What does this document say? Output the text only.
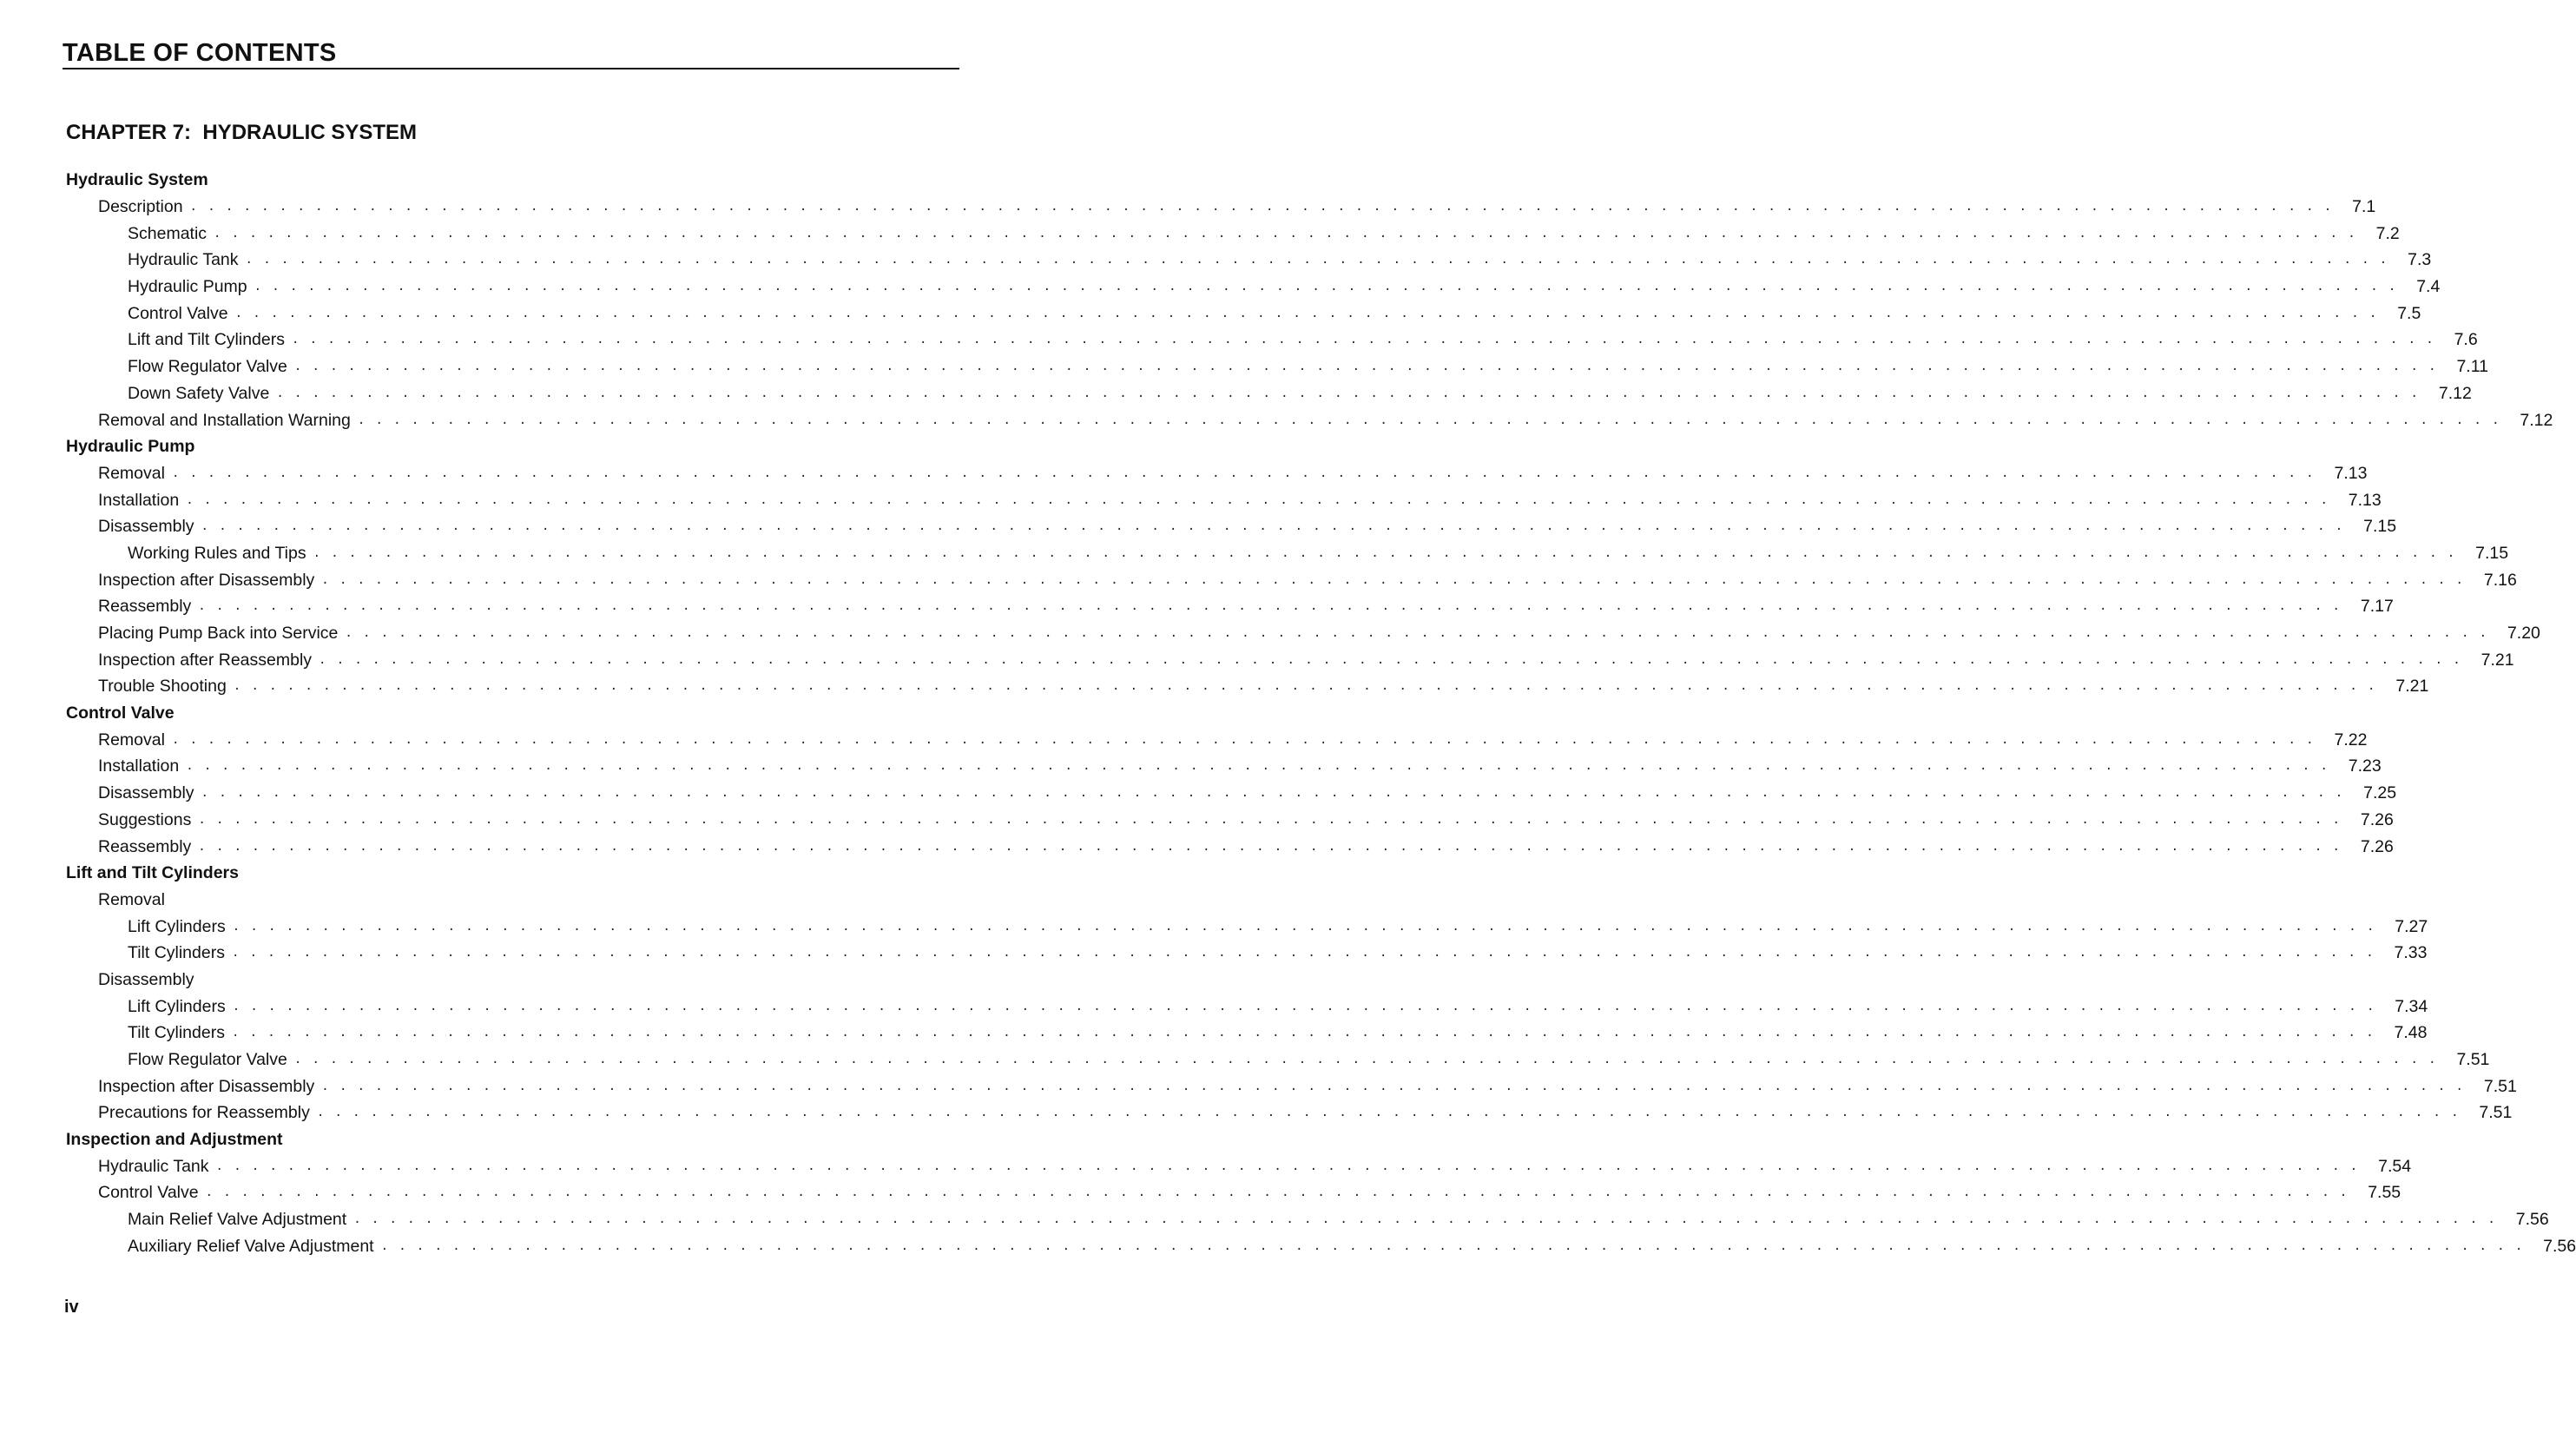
TABLE OF CONTENTS
CHAPTER 7:  HYDRAULIC SYSTEM
Hydraulic System
Description . . . . . . . . . . . . . . . . . . . . . . . . . . . . . . . . . . . . . . . . . . . . . . . . . . . . . . . . . . . . . . . . . . . . . . . . . . . . . . . . . . . . . . . . . . . . . . . . . . . . . . . . . . . . . . . . . . . . . . . . 7.1
Schematic . . . . . . . . . . . . . . . . . . . . . . . . . . . . . . . . . . . . . . . . . . . . . . . . . . . . . . . . . . . . . . . . . . . . . . . . . . . . . . . . . . . . . . . . . . . . . . . . . . . . . . . . . . . . . . . . . . . . . . . . 7.2
Hydraulic Tank . . . . . . . . . . . . . . . . . . . . . . . . . . . . . . . . . . . . . . . . . . . . . . . . . . . . . . . . . . . . . . . . . . . . . . . . . . . . . . . . . . . . . . . . . . . . . . . . . . . . . . . . . . . . . . . . . . . . . . . . 7.3
Hydraulic Pump . . . . . . . . . . . . . . . . . . . . . . . . . . . . . . . . . . . . . . . . . . . . . . . . . . . . . . . . . . . . . . . . . . . . . . . . . . . . . . . . . . . . . . . . . . . . . . . . . . . . . . . . . . . . . . . . . . . . . . . . 7.4
Control Valve . . . . . . . . . . . . . . . . . . . . . . . . . . . . . . . . . . . . . . . . . . . . . . . . . . . . . . . . . . . . . . . . . . . . . . . . . . . . . . . . . . . . . . . . . . . . . . . . . . . . . . . . . . . . . . . . . . . . . . . . 7.5
Lift and Tilt Cylinders . . . . . . . . . . . . . . . . . . . . . . . . . . . . . . . . . . . . . . . . . . . . . . . . . . . . . . . . . . . . . . . . . . . . . . . . . . . . . . . . . . . . . . . . . . . . . . . . . . . . . . . . . . . . . . . . . . . . . . . . 7.6
Flow Regulator Valve . . . . . . . . . . . . . . . . . . . . . . . . . . . . . . . . . . . . . . . . . . . . . . . . . . . . . . . . . . . . . . . . . . . . . . . . . . . . . . . . . . . . . . . . . . . . . . . . . . . . . . . . . . . . . . . . . . . . . . . . 7.11
Down Safety Valve . . . . . . . . . . . . . . . . . . . . . . . . . . . . . . . . . . . . . . . . . . . . . . . . . . . . . . . . . . . . . . . . . . . . . . . . . . . . . . . . . . . . . . . . . . . . . . . . . . . . . . . . . . . . . . . . . . . . . . . . 7.12
Removal and Installation Warning . . . . . . . . . . . . . . . . . . . . . . . . . . . . . . . . . . . . . . . . . . . . . . . . . . . . . . . . . . . . . . . . . . . . . . . . . . . . . . . . . . . . . . . . . . . . . . . . . . . . . . . . . . . . . . . . . . . . . . . . 7.12
Hydraulic Pump
Removal . . . . . . . . . . . . . . . . . . . . . . . . . . . . . . . . . . . . . . . . . . . . . . . . . . . . . . . . . . . . . . . . . . . . . . . . . . . . . . . . . . . . . . . . . . . . . . . . . . . . . . . . . . . . . . . . . . . . . . . . 7.13
Installation . . . . . . . . . . . . . . . . . . . . . . . . . . . . . . . . . . . . . . . . . . . . . . . . . . . . . . . . . . . . . . . . . . . . . . . . . . . . . . . . . . . . . . . . . . . . . . . . . . . . . . . . . . . . . . . . . . . . . . . . 7.13
Disassembly . . . . . . . . . . . . . . . . . . . . . . . . . . . . . . . . . . . . . . . . . . . . . . . . . . . . . . . . . . . . . . . . . . . . . . . . . . . . . . . . . . . . . . . . . . . . . . . . . . . . . . . . . . . . . . . . . . . . . . . . 7.15
Working Rules and Tips . . . . . . . . . . . . . . . . . . . . . . . . . . . . . . . . . . . . . . . . . . . . . . . . . . . . . . . . . . . . . . . . . . . . . . . . . . . . . . . . . . . . . . . . . . . . . . . . . . . . . . . . . . . . . . . . . . . . . . . . 7.15
Inspection after Disassembly . . . . . . . . . . . . . . . . . . . . . . . . . . . . . . . . . . . . . . . . . . . . . . . . . . . . . . . . . . . . . . . . . . . . . . . . . . . . . . . . . . . . . . . . . . . . . . . . . . . . . . . . . . . . . . . . . . . . . . . . 7.16
Reassembly . . . . . . . . . . . . . . . . . . . . . . . . . . . . . . . . . . . . . . . . . . . . . . . . . . . . . . . . . . . . . . . . . . . . . . . . . . . . . . . . . . . . . . . . . . . . . . . . . . . . . . . . . . . . . . . . . . . . . . . . 7.17
Placing Pump Back into Service . . . . . . . . . . . . . . . . . . . . . . . . . . . . . . . . . . . . . . . . . . . . . . . . . . . . . . . . . . . . . . . . . . . . . . . . . . . . . . . . . . . . . . . . . . . . . . . . . . . . . . . . . . . . . . . . . . . . . . . . 7.20
Inspection after Reassembly . . . . . . . . . . . . . . . . . . . . . . . . . . . . . . . . . . . . . . . . . . . . . . . . . . . . . . . . . . . . . . . . . . . . . . . . . . . . . . . . . . . . . . . . . . . . . . . . . . . . . . . . . . . . . . . . . . . . . . . . 7.21
Trouble Shooting . . . . . . . . . . . . . . . . . . . . . . . . . . . . . . . . . . . . . . . . . . . . . . . . . . . . . . . . . . . . . . . . . . . . . . . . . . . . . . . . . . . . . . . . . . . . . . . . . . . . . . . . . . . . . . . . . . . . . . . . 7.21
Control Valve
Removal . . . . . . . . . . . . . . . . . . . . . . . . . . . . . . . . . . . . . . . . . . . . . . . . . . . . . . . . . . . . . . . . . . . . . . . . . . . . . . . . . . . . . . . . . . . . . . . . . . . . . . . . . . . . . . . . . . . . . . . . 7.22
Installation . . . . . . . . . . . . . . . . . . . . . . . . . . . . . . . . . . . . . . . . . . . . . . . . . . . . . . . . . . . . . . . . . . . . . . . . . . . . . . . . . . . . . . . . . . . . . . . . . . . . . . . . . . . . . . . . . . . . . . . . 7.23
Disassembly . . . . . . . . . . . . . . . . . . . . . . . . . . . . . . . . . . . . . . . . . . . . . . . . . . . . . . . . . . . . . . . . . . . . . . . . . . . . . . . . . . . . . . . . . . . . . . . . . . . . . . . . . . . . . . . . . . . . . . . . 7.25
Suggestions . . . . . . . . . . . . . . . . . . . . . . . . . . . . . . . . . . . . . . . . . . . . . . . . . . . . . . . . . . . . . . . . . . . . . . . . . . . . . . . . . . . . . . . . . . . . . . . . . . . . . . . . . . . . . . . . . . . . . . . . 7.26
Reassembly . . . . . . . . . . . . . . . . . . . . . . . . . . . . . . . . . . . . . . . . . . . . . . . . . . . . . . . . . . . . . . . . . . . . . . . . . . . . . . . . . . . . . . . . . . . . . . . . . . . . . . . . . . . . . . . . . . . . . . . . 7.26
Lift and Tilt Cylinders
Removal
Lift Cylinders . . . . . . . . . . . . . . . . . . . . . . . . . . . . . . . . . . . . . . . . . . . . . . . . . . . . . . . . . . . . . . . . . . . . . . . . . . . . . . . . . . . . . . . . . . . . . . . . . . . . . . . . . . . . . . . . . . . . . . . . 7.27
Tilt Cylinders . . . . . . . . . . . . . . . . . . . . . . . . . . . . . . . . . . . . . . . . . . . . . . . . . . . . . . . . . . . . . . . . . . . . . . . . . . . . . . . . . . . . . . . . . . . . . . . . . . . . . . . . . . . . . . . . . . . . . . . . 7.33
Disassembly
Lift Cylinders . . . . . . . . . . . . . . . . . . . . . . . . . . . . . . . . . . . . . . . . . . . . . . . . . . . . . . . . . . . . . . . . . . . . . . . . . . . . . . . . . . . . . . . . . . . . . . . . . . . . . . . . . . . . . . . . . . . . . . . . 7.34
Tilt Cylinders . . . . . . . . . . . . . . . . . . . . . . . . . . . . . . . . . . . . . . . . . . . . . . . . . . . . . . . . . . . . . . . . . . . . . . . . . . . . . . . . . . . . . . . . . . . . . . . . . . . . . . . . . . . . . . . . . . . . . . . . 7.48
Flow Regulator Valve . . . . . . . . . . . . . . . . . . . . . . . . . . . . . . . . . . . . . . . . . . . . . . . . . . . . . . . . . . . . . . . . . . . . . . . . . . . . . . . . . . . . . . . . . . . . . . . . . . . . . . . . . . . . . . . . . . . . . . . . 7.51
Inspection after Disassembly . . . . . . . . . . . . . . . . . . . . . . . . . . . . . . . . . . . . . . . . . . . . . . . . . . . . . . . . . . . . . . . . . . . . . . . . . . . . . . . . . . . . . . . . . . . . . . . . . . . . . . . . . . . . . . . . . . . . . . . . 7.51
Precautions for Reassembly . . . . . . . . . . . . . . . . . . . . . . . . . . . . . . . . . . . . . . . . . . . . . . . . . . . . . . . . . . . . . . . . . . . . . . . . . . . . . . . . . . . . . . . . . . . . . . . . . . . . . . . . . . . . . . . . . . . . . . . . 7.51
Inspection and Adjustment
Hydraulic Tank . . . . . . . . . . . . . . . . . . . . . . . . . . . . . . . . . . . . . . . . . . . . . . . . . . . . . . . . . . . . . . . . . . . . . . . . . . . . . . . . . . . . . . . . . . . . . . . . . . . . . . . . . . . . . . . . . . . . . . . . 7.54
Control Valve . . . . . . . . . . . . . . . . . . . . . . . . . . . . . . . . . . . . . . . . . . . . . . . . . . . . . . . . . . . . . . . . . . . . . . . . . . . . . . . . . . . . . . . . . . . . . . . . . . . . . . . . . . . . . . . . . . . . . . . . 7.55
Main Relief Valve Adjustment . . . . . . . . . . . . . . . . . . . . . . . . . . . . . . . . . . . . . . . . . . . . . . . . . . . . . . . . . . . . . . . . . . . . . . . . . . . . . . . . . . . . . . . . . . . . . . . . . . . . . . . . . . . . . . . . . . . . . . . . 7.56
Auxiliary Relief Valve Adjustment . . . . . . . . . . . . . . . . . . . . . . . . . . . . . . . . . . . . . . . . . . . . . . . . . . . . . . . . . . . . . . . . . . . . . . . . . . . . . . . . . . . . . . . . . . . . . . . . . . . . . . . . . . . . . . . . . . . . . . . . 7.56
iv
